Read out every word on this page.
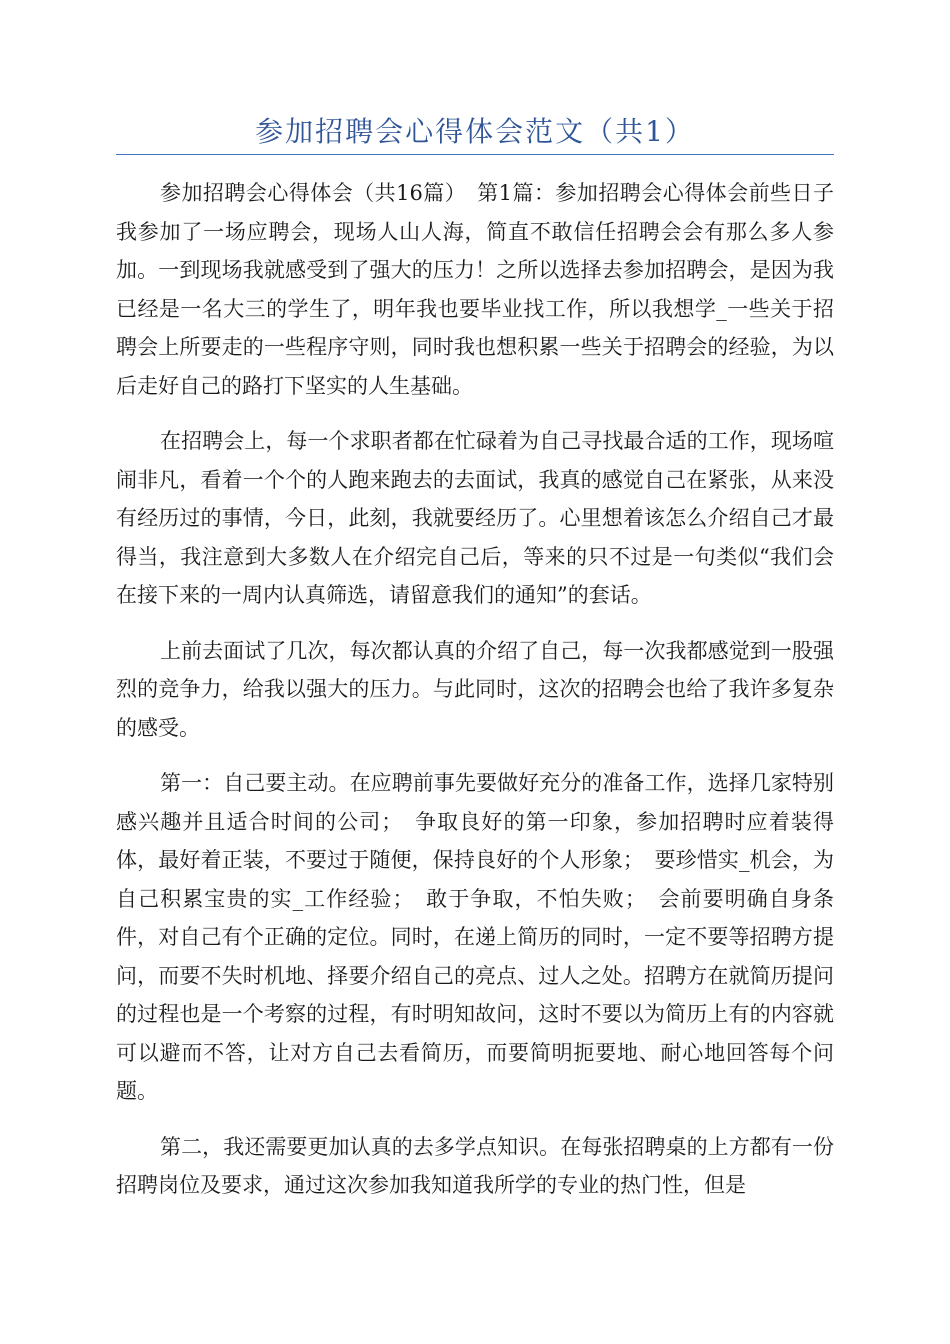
参加招聘会心得体会范文（共1）

参加招聘会心得体会（共16篇）　第1篇：参加招聘会心得体会前些日子我参加了一场应聘会，现场人山人海，简直不敢信任招聘会会有那么多人参加。一到现场我就感受到了强大的压力！之所以选择去参加招聘会，是因为我已经是一名大三的学生了，明年我也要毕业找工作，所以我想学_一些关于招聘会上所要走的一些程序守则，同时我也想积累一些关于招聘会的经验，为以后走好自己的路打下坚实的人生基础。

在招聘会上，每一个求职者都在忙碌着为自己寻找最合适的工作，现场喧闹非凡，看着一个个的人跑来跑去的去面试，我真的感觉自己在紧张，从来没有经历过的事情，今日，此刻，我就要经历了。心里想着该怎么介绍自己才最得当，我注意到大多数人在介绍完自己后，等来的只不过是一句类似“我们会在接下来的一周内认真筛选，请留意我们的通知”的套话。

上前去面试了几次，每次都认真的介绍了自己，每一次我都感觉到一股强烈的竞争力，给我以强大的压力。与此同时，这次的招聘会也给了我许多复杂的感受。

第一：自己要主动。在应聘前事先要做好充分的准备工作，选择几家特别感兴趣并且适合时间的公司；　争取良好的第一印象，参加招聘时应着装得体，最好着正装，不要过于随便，保持良好的个人形象；　要珍惜实_机会，为自己积累宝贵的实_工作经验；　敢于争取，不怕失败；　会前要明确自身条件，对自己有个正确的定位。同时，在递上简历的同时，一定不要等招聘方提问，而要不失时机地、择要介绍自己的亮点、过人之处。招聘方在就简历提问的过程也是一个考察的过程，有时明知故问，这时不要以为简历上有的内容就可以避而不答，让对方自己去看简历，而要简明扼要地、耐心地回答每个问题。

第二，我还需要更加认真的去多学点知识。在每张招聘桌的上方都有一份招聘岗位及要求，通过这次参加我知道我所学的专业的热门性，但是
